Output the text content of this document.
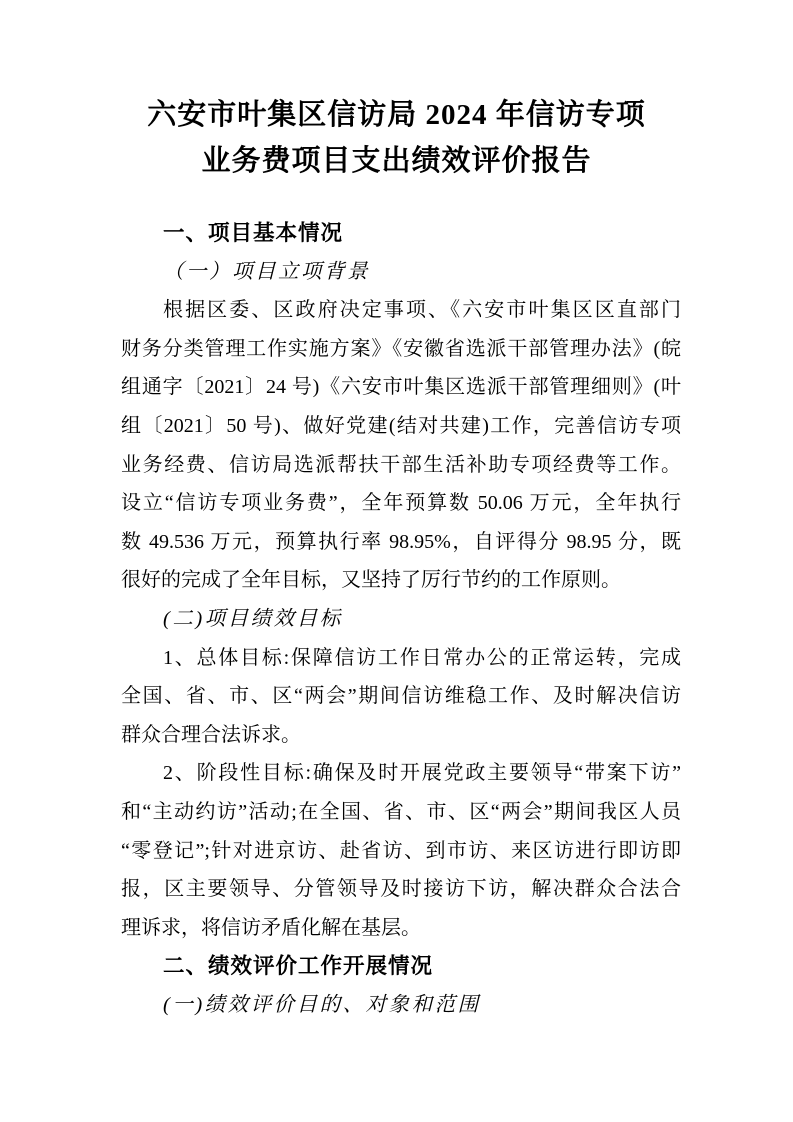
六安市叶集区信访局 2024 年信访专项
业务费项目支出绩效评价报告
一、项目基本情况
（一）项目立项背景
根据区委、区政府决定事项、《六安市叶集区区直部门
财务分类管理工作实施方案》《安徽省选派干部管理办法》(皖
组通字〔2021〕24 号)《六安市叶集区选派干部管理细则》(叶
组〔2021〕50 号)、做好党建(结对共建)工作，完善信访专项
业务经费、信访局选派帮扶干部生活补助专项经费等工作。
设立“信访专项业务费”，全年预算数 50.06 万元，全年执行
数 49.536 万元，预算执行率 98.95%，自评得分 98.95 分，既
很好的完成了全年目标，又坚持了厉行节约的工作原则。
(二)项目绩效目标
1、总体目标:保障信访工作日常办公的正常运转，完成
全国、省、市、区“两会”期间信访维稳工作、及时解决信访
群众合理合法诉求。
2、阶段性目标:确保及时开展党政主要领导“带案下访”
和“主动约访”活动;在全国、省、市、区“两会”期间我区人员
“零登记”;针对进京访、赴省访、到市访、来区访进行即访即
报，区主要领导、分管领导及时接访下访，解决群众合法合
理诉求，将信访矛盾化解在基层。
二、绩效评价工作开展情况
(一)绩效评价目的、对象和范围
